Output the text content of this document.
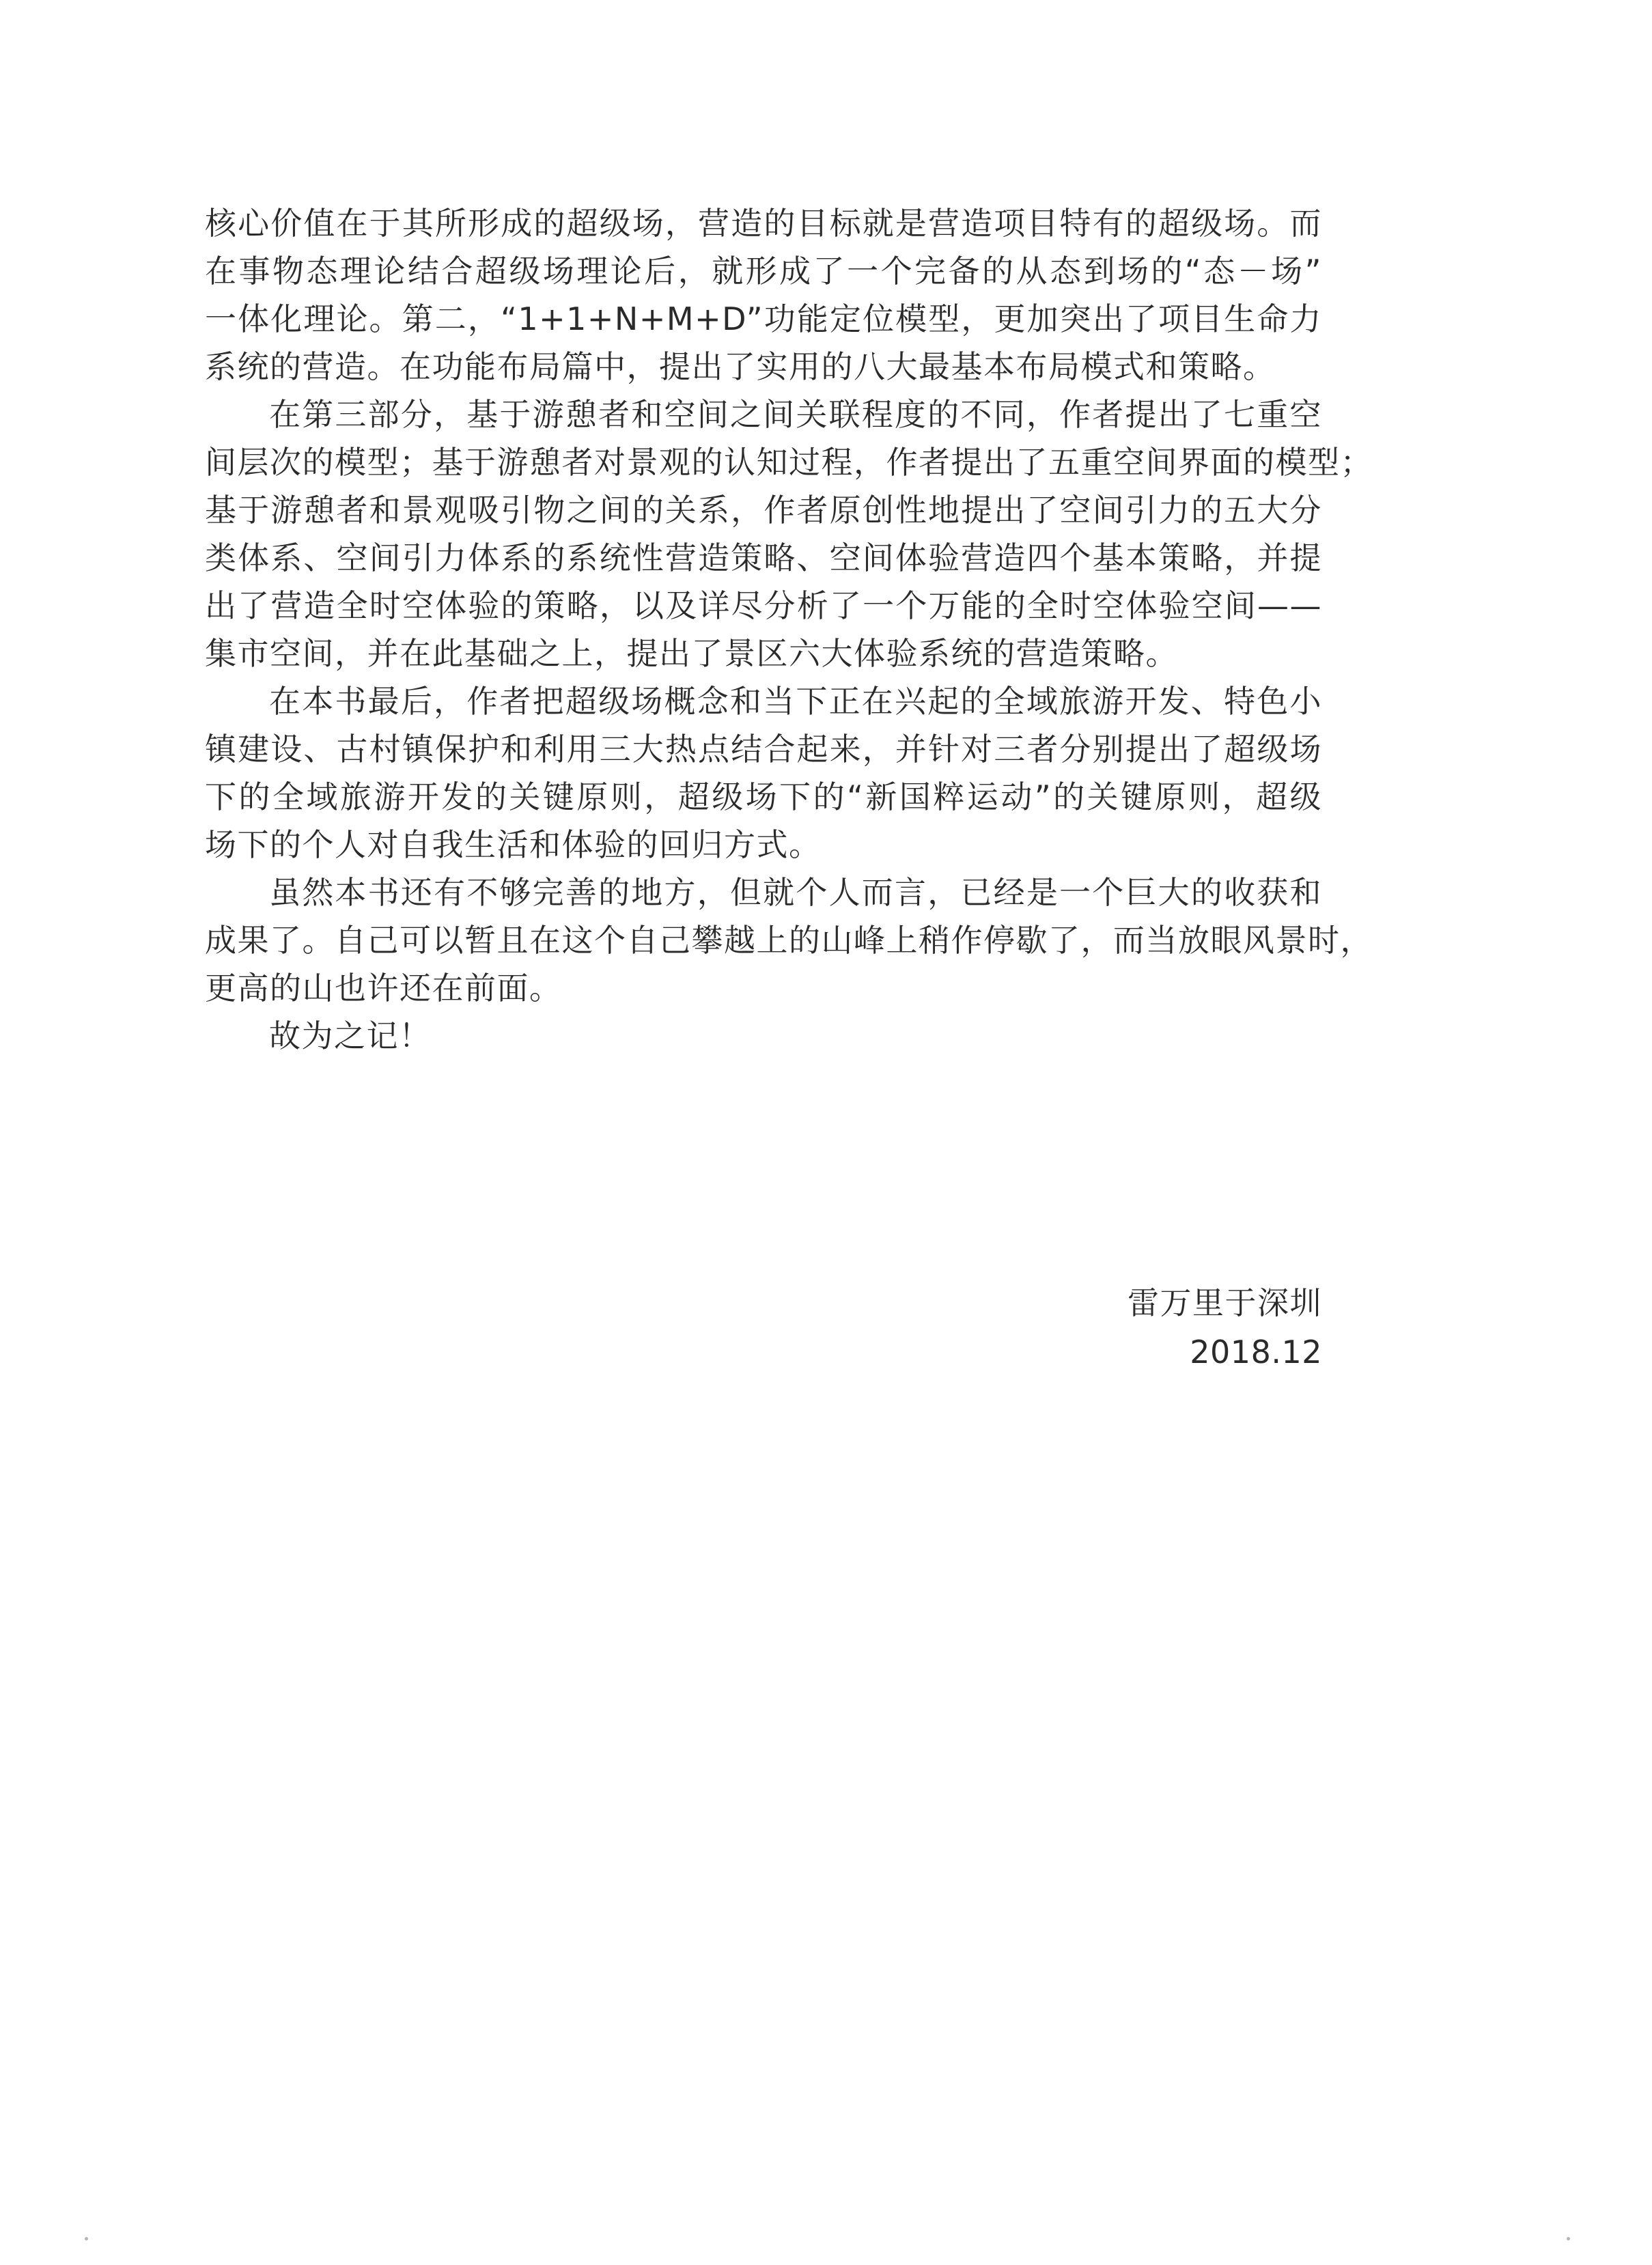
核心价值在于其所形成的超级场，营造的目标就是营造项目特有的超级场。而
在事物态理论结合超级场理论后，就形成了一个完备的从态到场的“态－场”
一体化理论。第二，“1+1+N+M+D”功能定位模型，更加突出了项目生命力
系统的营造。在功能布局篇中，提出了实用的八大最基本布局模式和策略。
在第三部分，基于游憩者和空间之间关联程度的不同，作者提出了七重空
间层次的模型；基于游憩者对景观的认知过程，作者提出了五重空间界面的模型；
基于游憩者和景观吸引物之间的关系，作者原创性地提出了空间引力的五大分
类体系、空间引力体系的系统性营造策略、空间体验营造四个基本策略，并提
出了营造全时空体验的策略，以及详尽分析了一个万能的全时空体验空间——
集市空间，并在此基础之上，提出了景区六大体验系统的营造策略。
在本书最后，作者把超级场概念和当下正在兴起的全域旅游开发、特色小
镇建设、古村镇保护和利用三大热点结合起来，并针对三者分别提出了超级场
下的全域旅游开发的关键原则，超级场下的“新国粹运动”的关键原则，超级
场下的个人对自我生活和体验的回归方式。
虽然本书还有不够完善的地方，但就个人而言，已经是一个巨大的收获和
成果了。自己可以暂且在这个自己攀越上的山峰上稍作停歇了，而当放眼风景时，
更高的山也许还在前面。
故为之记！
雷万里于深圳
2018.12
